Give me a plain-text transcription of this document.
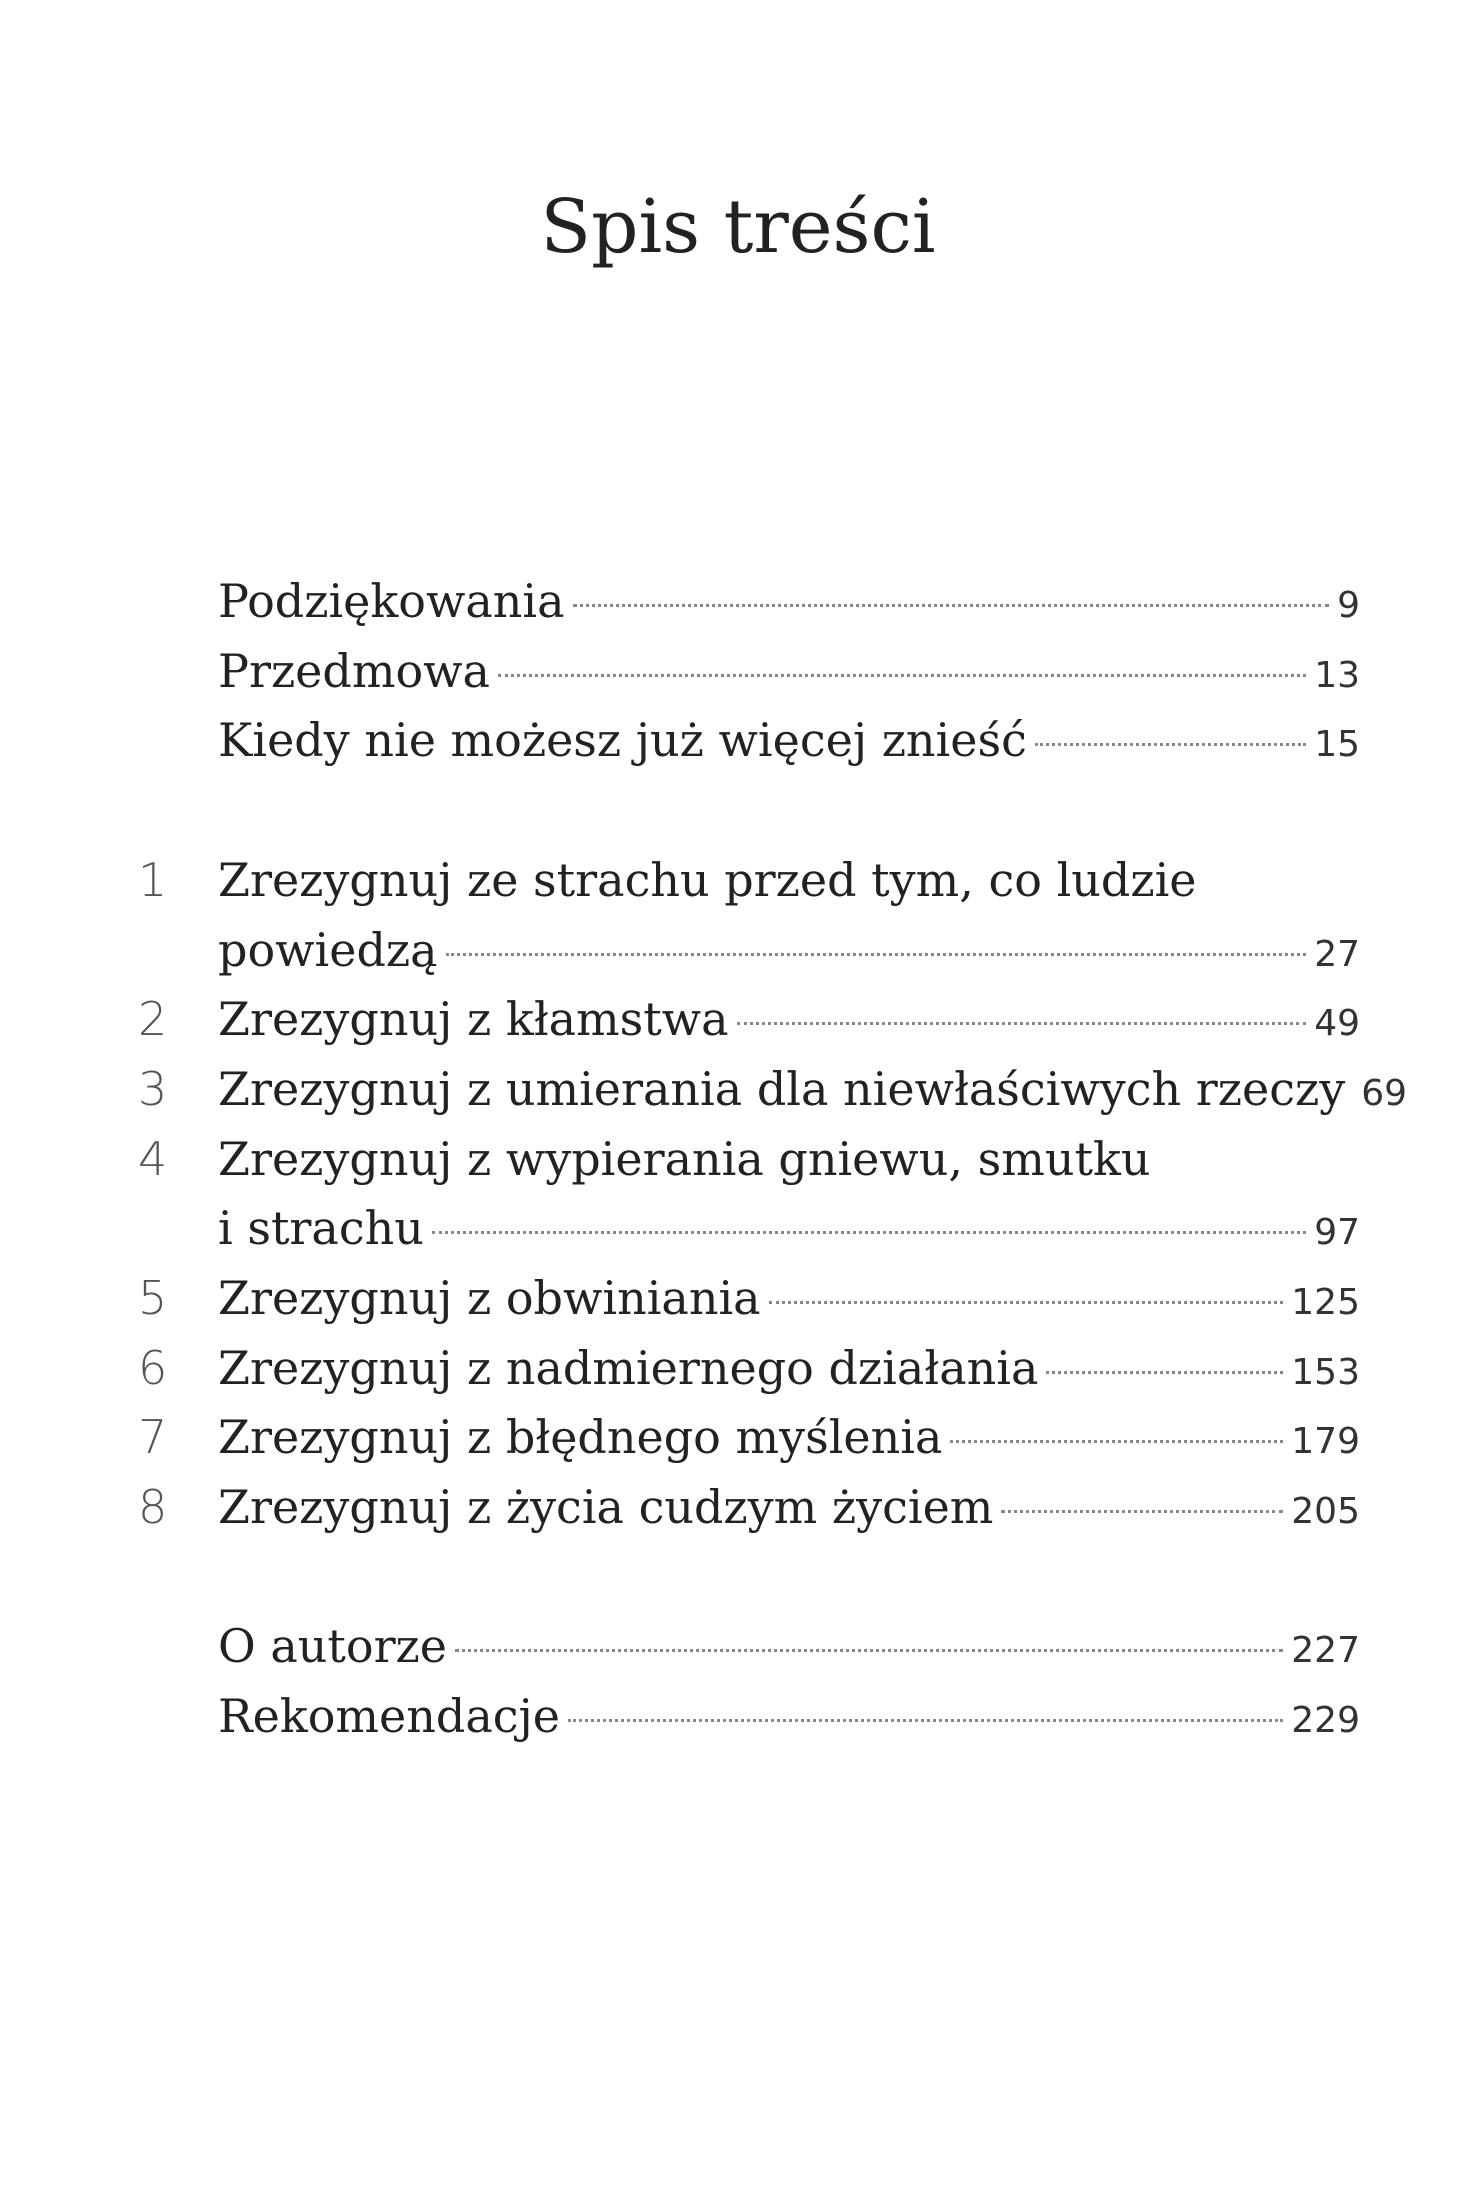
Spis treści
Podziękowania	9
Przedmowa	13
Kiedy nie możesz już więcej znieść	15
1 Zrezygnuj ze strachu przed tym, co ludzie
powiedzą	27
2 Zrezygnuj z kłamstwa	49
3 Zrezygnuj z umierania dla niewłaściwych rzeczy 69
4 Zrezygnuj z wypierania gniewu, smutku
i strachu	97
5 Zrezygnuj z obwiniania	125
6 Zrezygnuj z nadmiernego działania	153
7 Zrezygnuj z błędnego myślenia	179
8 Zrezygnuj z życia cudzym życiem	205
O autorze	227
Rekomendacje	229
